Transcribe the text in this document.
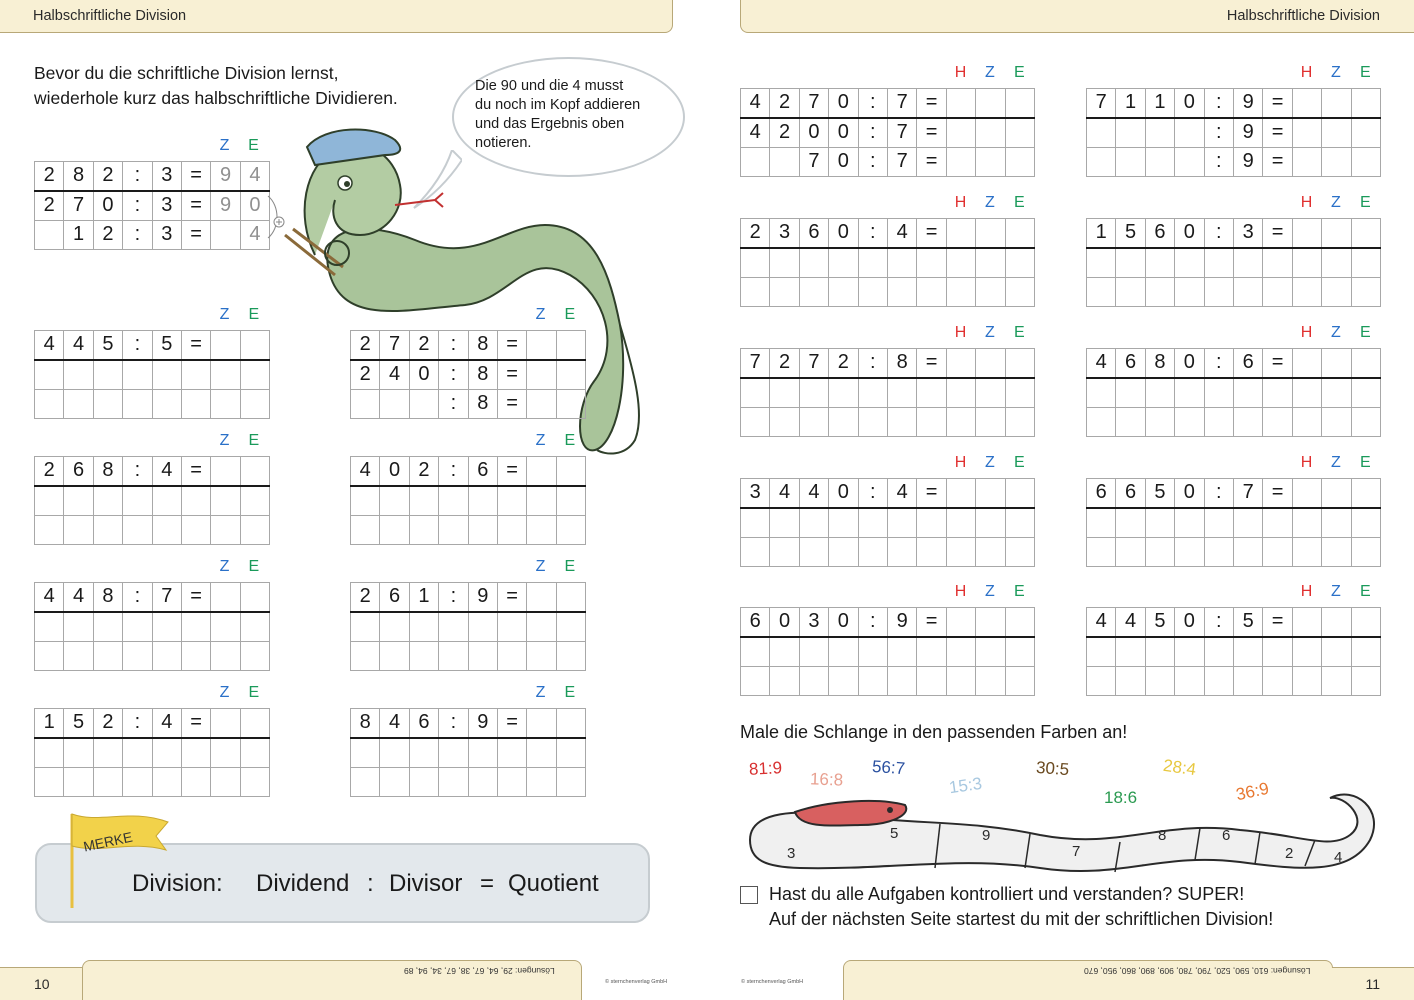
Halbschriftliche Division	Halbschriftliche Division
Bevor du die schriftliche Division lernst,
wiederhole kurz das halbschriftliche Dividieren.
Die 90 und die 4 musst
du noch im Kopf addieren
und das Ergebnis oben
notieren.
Z	E
2	8	2	:	3	=	9	4
2	7	0	:	3	=	9	0
	1	2	:	3	=		4
Z	E
4	4	5	:	5	=		

Z	E
2	7	2	:	8	=		
2	4	0	:	8	=		
			:	8	=		
Z	E
2	6	8	:	4	=		

Z	E
4	0	2	:	6	=		

Z	E
4	4	8	:	7	=		

Z	E
2	6	1	:	9	=		

Z	E
1	5	2	:	4	=		

Z	E
8	4	6	:	9	=		

H	Z	E
4	2	7	0	:	7	=			
4	2	0	0	:	7	=			
		7	0	:	7	=			
H	Z	E
7	1	1	0	:	9	=			
				:	9	=			
				:	9	=			
H	Z	E
2	3	6	0	:	4	=			

H	Z	E
1	5	6	0	:	3	=			

H	Z	E
7	2	7	2	:	8	=			

H	Z	E
4	6	8	0	:	6	=			

H	Z	E
3	4	4	0	:	4	=			

H	Z	E
6	6	5	0	:	7	=			

H	Z	E
6	0	3	0	:	9	=			

H	Z	E
4	4	5	0	:	5	=			

MERKE
Division: Dividend : Divisor = Quotient
Male die Schlange in den passenden Farben an!
81:9
16:8
56:7
15:3
30:5
18:6
28:4
36:9
3
5	9
7
8	6
2	4
Hast du alle Aufgaben kontrolliert und verstanden? SUPER!
Auf der nächsten Seite startest du mit der schriftlichen Division!
10
Lösungen: 29, 64, 67, 38, 67, 34, 94, 89
© sternchenverlag GmbH	© sternchenverlag GmbH
Lösungen: 610, 590, 520, 790, 780, 909, 890, 860, 950, 670
11
